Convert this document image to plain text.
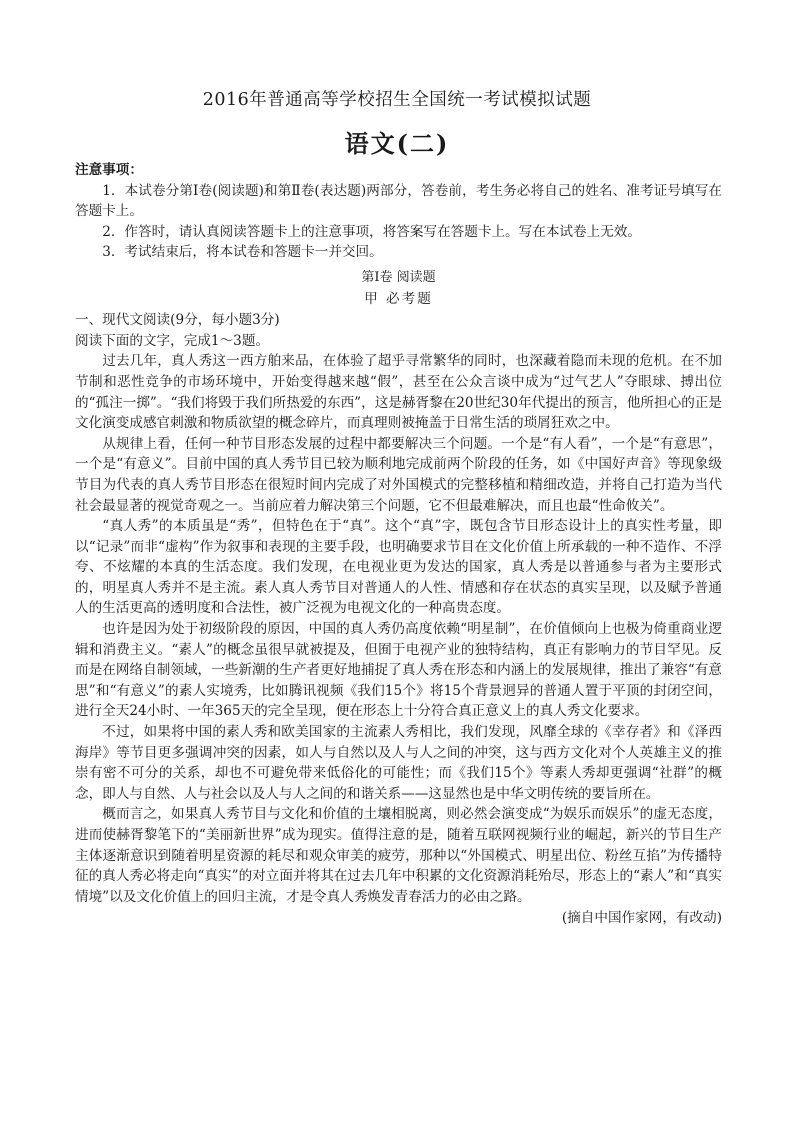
2016年普通高等学校招生全国统一考试模拟试题
语文(二)

注意事项：

1．本试卷分第Ⅰ卷(阅读题)和第Ⅱ卷(表达题)两部分，答卷前，考生务必将自己的姓名、准考证号填写在答题卡上。

2．作答时，请认真阅读答题卡上的注意事项，将答案写在答题卡上。写在本试卷上无效。

3．考试结束后，将本试卷和答题卡一并交回。

第Ⅰ卷 阅读题

甲 必考题

一、现代文阅读(9分，每小题3分)

阅读下面的文字，完成1～3题。

过去几年，真人秀这一西方舶来品，在体验了超乎寻常繁华的同时，也深藏着隐而未现的危机。在不加节制和恶性竞争的市场环境中，开始变得越来越“假”，甚至在公众言谈中成为“过气艺人”夺眼球、搏出位的“孤注一掷”。“我们将毁于我们所热爱的东西”，这是赫胥黎在20世纪30年代提出的预言，他所担心的正是文化演变成感官刺激和物质欲望的概念碎片，而真理则被掩盖于日常生活的琐屑狂欢之中。

从规律上看，任何一种节目形态发展的过程中都要解决三个问题。一个是“有人看”，一个是“有意思”，一个是“有意义”。目前中国的真人秀节目已较为顺利地完成前两个阶段的任务，如《中国好声音》等现象级节目为代表的真人秀节目形态在很短时间内完成了对外国模式的完整移植和精细改造，并将自己打造为当代社会最显著的视觉奇观之一。当前应着力解决第三个问题，它不但最难解决，而且也最“性命攸关”。

“真人秀”的本质虽是“秀”，但特色在于“真”。这个“真”字，既包含节目形态设计上的真实性考量，即以“记录”而非“虚构”作为叙事和表现的主要手段，也明确要求节目在文化价值上所承载的一种不造作、不浮夸、不炫耀的本真的生活态度。我们发现，在电视业更为发达的国家，真人秀是以普通参与者为主要形式的，明星真人秀并不是主流。素人真人秀节目对普通人的人性、情感和存在状态的真实呈现，以及赋予普通人的生活更高的透明度和合法性，被广泛视为电视文化的一种高贵态度。

也许是因为处于初级阶段的原因，中国的真人秀仍高度依赖“明星制”，在价值倾向上也极为倚重商业逻辑和消费主义。“素人”的概念虽很早就被提及，但囿于电视产业的独特结构，真正有影响力的节目罕见。反而是在网络自制领域，一些新潮的生产者更好地捕捉了真人秀在形态和内涵上的发展规律，推出了兼容“有意思”和“有意义”的素人实境秀，比如腾讯视频《我们15个》将15个背景迥异的普通人置于平顶的封闭空间，进行全天24小时、一年365天的完全呈现，便在形态上十分符合真正意义上的真人秀文化要求。

不过，如果将中国的素人秀和欧美国家的主流素人秀相比，我们发现，风靡全球的《幸存者》和《泽西海岸》等节目更多强调冲突的因素，如人与自然以及人与人之间的冲突，这与西方文化对个人英雄主义的推崇有密不可分的关系，却也不可避免带来低俗化的可能性；而《我们15个》等素人秀却更强调“社群”的概念，即人与自然、人与社会以及人与人之间的和谐关系——这显然也是中华文明传统的要旨所在。

概而言之，如果真人秀节目与文化和价值的土壤相脱离，则必然会演变成“为娱乐而娱乐”的虚无态度，进而使赫胥黎笔下的“美丽新世界”成为现实。值得注意的是，随着互联网视频行业的崛起，新兴的节目生产主体逐渐意识到随着明星资源的耗尽和观众审美的疲劳，那种以“外国模式、明星出位、粉丝互掐”为传播特征的真人秀必将走向“真实”的对立面并将其在过去几年中积累的文化资源消耗殆尽，形态上的“素人”和“真实情境”以及文化价值上的回归主流，才是令真人秀焕发青春活力的必由之路。

(摘自中国作家网，有改动)
